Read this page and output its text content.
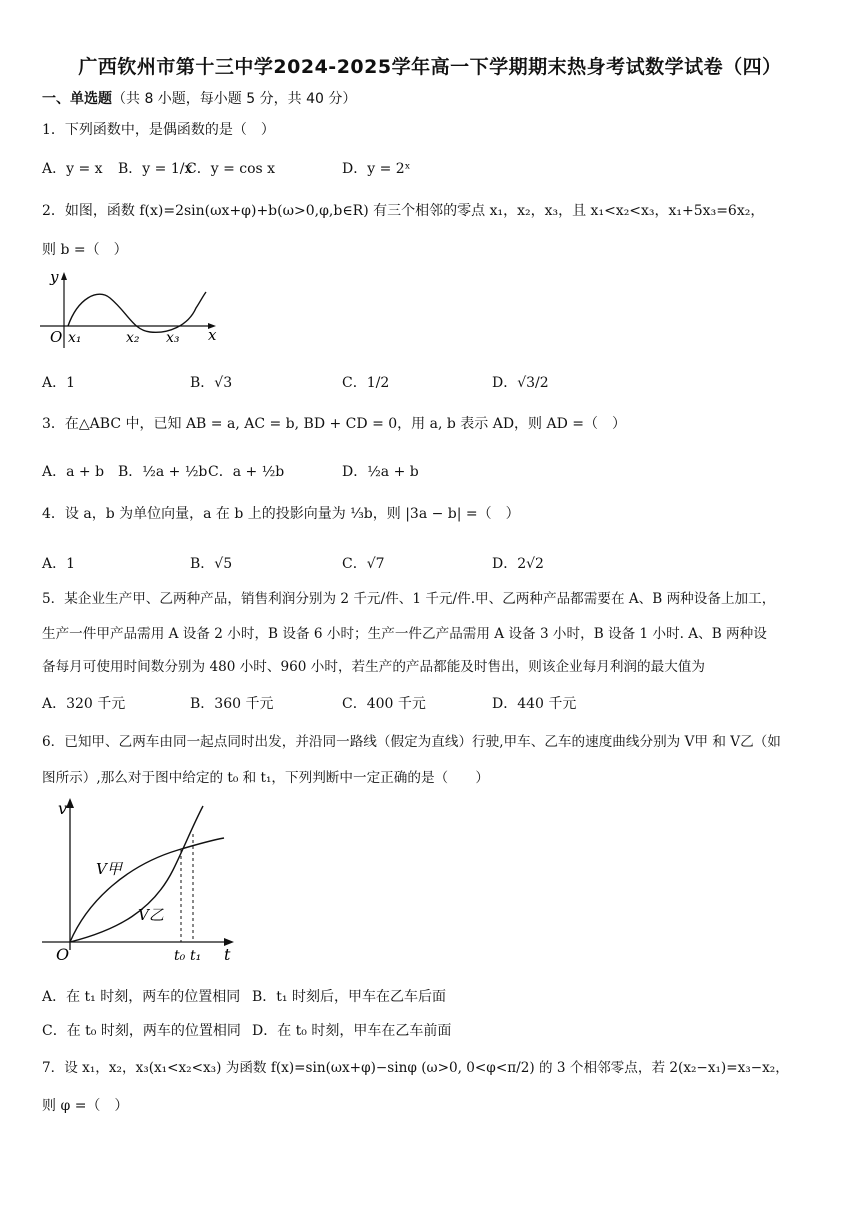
广西钦州市第十三中学2024-2025学年高一下学期期末热身考试数学试卷（四）
一、单选题（共 8 小题，每小题 5 分，共 40 分）
1．下列函数中，是偶函数的是（　）
A．y = x B．y = 1/x
C．y = cos x	D．y = 2ˣ
2．如图，函数 f(x)=2sin(ωx+φ)+b(ω>0,φ,b∈R) 有三个相邻的零点 x₁，x₂，x₃，且 x₁<x₂<x₃，x₁+5x₃=6x₂，
则 b =（　）
y
x
O x₁	x₂ x₃
A．1	B．√3	C．1/2	D．√3/2
3．在△ABC 中，已知 AB = a, AC = b, BD + CD = 0，用 a, b 表示 AD，则 AD =（　）
A．a + b B．½a + ½b C．a + ½b	D．½a + b
4．设 a，b 为单位向量，a 在 b 上的投影向量为 ⅓b，则 |3a − b| =（　）
A．1	B．√5	C．√7	D．2√2
5．某企业生产甲、乙两种产品，销售利润分别为 2 千元/件、1 千元/件.甲、乙两种产品都需要在 A、B 两种设备上加工，
生产一件甲产品需用 A 设备 2 小时，B 设备 6 小时；生产一件乙产品需用 A 设备 3 小时，B 设备 1 小时. A、B 两种设
备每月可使用时间数分别为 480 小时、960 小时，若生产的产品都能及时售出，则该企业每月利润的最大值为
A．320 千元	B．360 千元	C．400 千元	D．440 千元
6．已知甲、乙两车由同一起点同时出发，并沿同一路线（假定为直线）行驶,甲车、乙车的速度曲线分别为 V甲 和 V乙（如
图所示）,那么对于图中给定的 t₀ 和 t₁，下列判断中一定正确的是（　　）
v
t
O
V甲
V乙
t₀ t₁
A．在 t₁ 时刻，两车的位置相同 B．t₁ 时刻后，甲车在乙车后面
C．在 t₀ 时刻，两车的位置相同 D．在 t₀ 时刻，甲车在乙车前面
7．设 x₁，x₂，x₃(x₁<x₂<x₃) 为函数 f(x)=sin(ωx+φ)−sinφ (ω>0, 0<φ<π/2) 的 3 个相邻零点，若 2(x₂−x₁)=x₃−x₂，
则 φ =（　）
